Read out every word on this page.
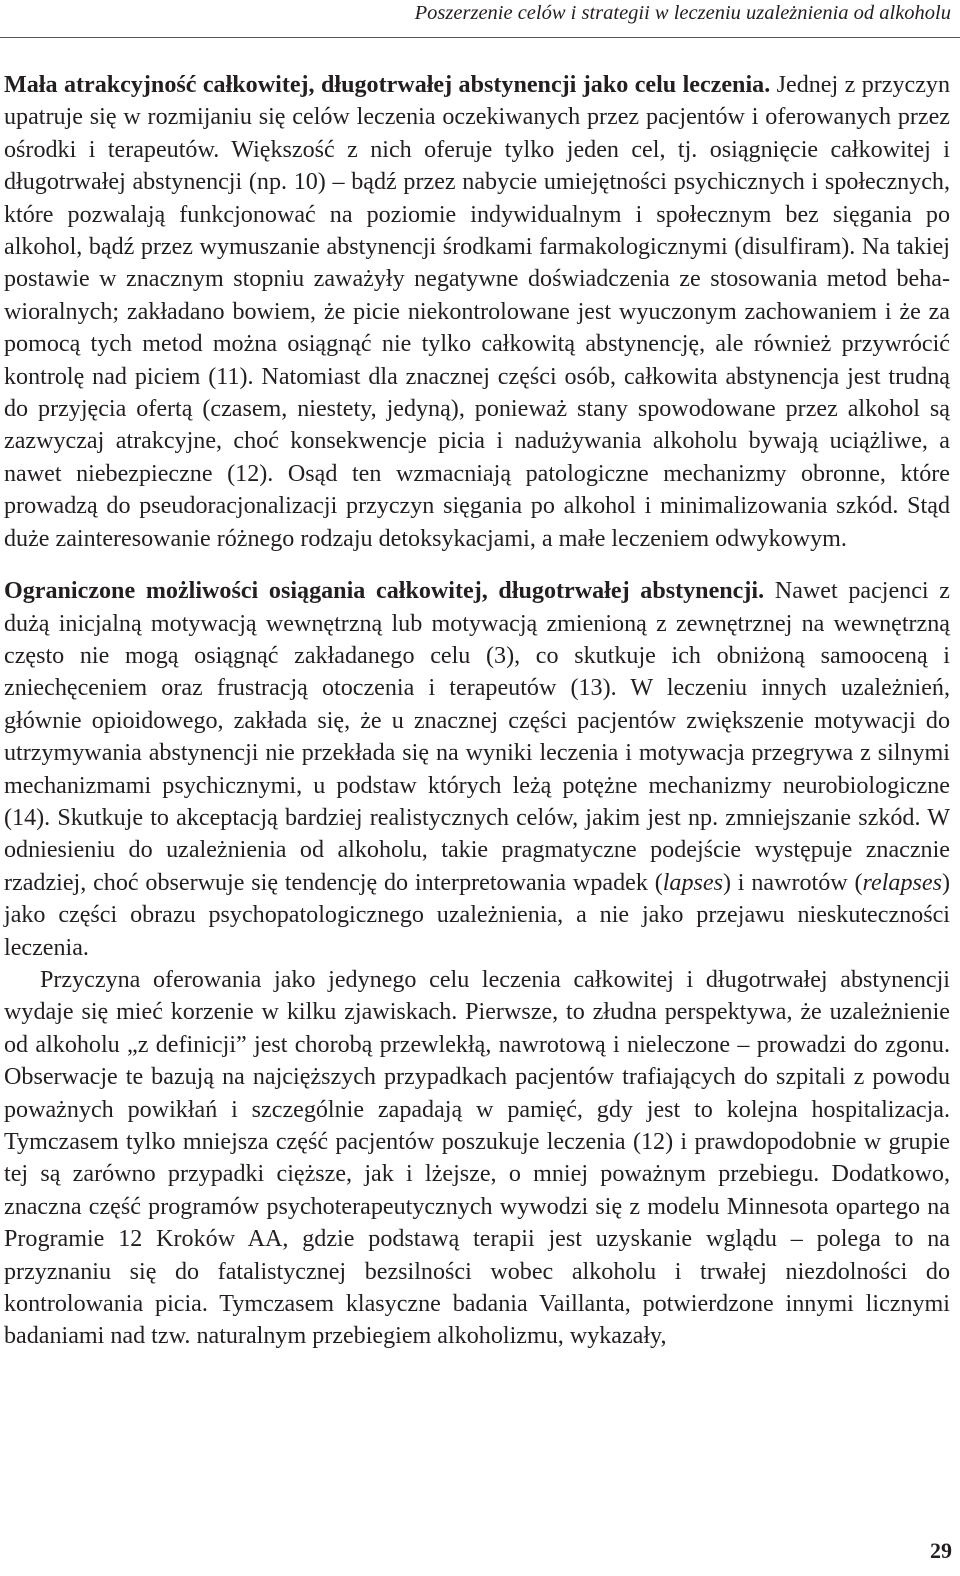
Poszerzenie celów i strategii w leczeniu uzależnienia od alkoholu

Mała atrakcyjność całkowitej, długotrwałej abstynencji jako celu leczenia. Jednej z przyczyn upatruje się w rozmijaniu się celów leczenia oczekiwanych przez pacjentów i oferowanych przez ośrodki i terapeutów. Większość z nich oferuje tylko jeden cel, tj. osiągnięcie całkowitej i długotrwałej abstynencji (np. 10) – bądź przez nabycie umiejętności psychicznych i społecznych, które pozwalają funkcjonować na poziomie indywidualnym i społecznym bez sięgania po alkohol, bądź przez wymuszanie abstynencji środkami farmakologicznymi (disulfiram). Na takiej postawie w znacznym stopniu zaważyły negatywne doświadczenia ze stosowania metod behawioralnych; zakładano bowiem, że picie niekontrolowane jest wyuczonym zachowaniem i że za pomocą tych metod można osiągnąć nie tylko całkowitą abstynencję, ale również przywrócić kontrolę nad piciem (11). Natomiast dla znacznej części osób, całkowita abstynencja jest trudną do przyjęcia ofertą (czasem, niestety, jedyną), ponieważ stany spowodowane przez alkohol są zazwyczaj atrakcyjne, choć konsekwencje picia i nadużywania alkoholu bywają uciążliwe, a nawet niebezpieczne (12). Osąd ten wzmacniają patologiczne mechanizmy obronne, które prowadzą do pseudoracjonalizacji przyczyn sięgania po alkohol i minimalizowania szkód. Stąd duże zainteresowanie różnego rodzaju detoksykacjami, a małe leczeniem odwykowym.

Ograniczone możliwości osiągania całkowitej, długotrwałej abstynencji. Nawet pacjenci z dużą inicjalną motywacją wewnętrzną lub motywacją zmienioną z zewnętrznej na wewnętrzną często nie mogą osiągnąć zakładanego celu (3), co skutkuje ich obniżoną samooceną i zniechęceniem oraz frustracją otoczenia i terapeutów (13). W leczeniu innych uzależnień, głównie opioidowego, zakłada się, że u znacznej części pacjentów zwiększenie motywacji do utrzymywania abstynencji nie przekłada się na wyniki leczenia i motywacja przegrywa z silnymi mechanizmami psychicznymi, u podstaw których leżą potężne mechanizmy neurobiologiczne (14). Skutkuje to akceptacją bardziej realistycznych celów, jakim jest np. zmniejszanie szkód. W odniesieniu do uzależnienia od alkoholu, takie pragmatyczne podejście występuje znacznie rzadziej, choć obserwuje się tendencję do interpretowania wpadek (lapses) i nawrotów (relapses) jako części obrazu psychopatologicznego uzależnienia, a nie jako przejawu nieskuteczności leczenia.

Przyczyna oferowania jako jedynego celu leczenia całkowitej i długotrwałej abstynencji wydaje się mieć korzenie w kilku zjawiskach. Pierwsze, to złudna perspektywa, że uzależnienie od alkoholu „z definicji” jest chorobą przewlekłą, nawrotową i nieleczone – prowadzi do zgonu. Obserwacje te bazują na najcięższych przypadkach pacjentów trafiających do szpitali z powodu poważnych powikłań i szczególnie zapadają w pamięć, gdy jest to kolejna hospitalizacja. Tymczasem tylko mniejsza część pacjentów poszukuje leczenia (12) i prawdopodobnie w grupie tej są zarówno przypadki cięższe, jak i lżejsze, o mniej poważnym przebiegu. Dodatkowo, znaczna część programów psychoterapeutycznych wywodzi się z modelu Minnesota opartego na Programie 12 Kroków AA, gdzie podstawą terapii jest uzyskanie wglądu – polega to na przyznaniu się do fatalistycznej bezsilności wobec alkoholu i trwałej niezdolności do kontrolowania picia. Tymczasem klasyczne badania Vaillanta, potwierdzone innymi licznymi badaniami nad tzw. naturalnym przebiegiem alkoholizmu, wykazały,

29
